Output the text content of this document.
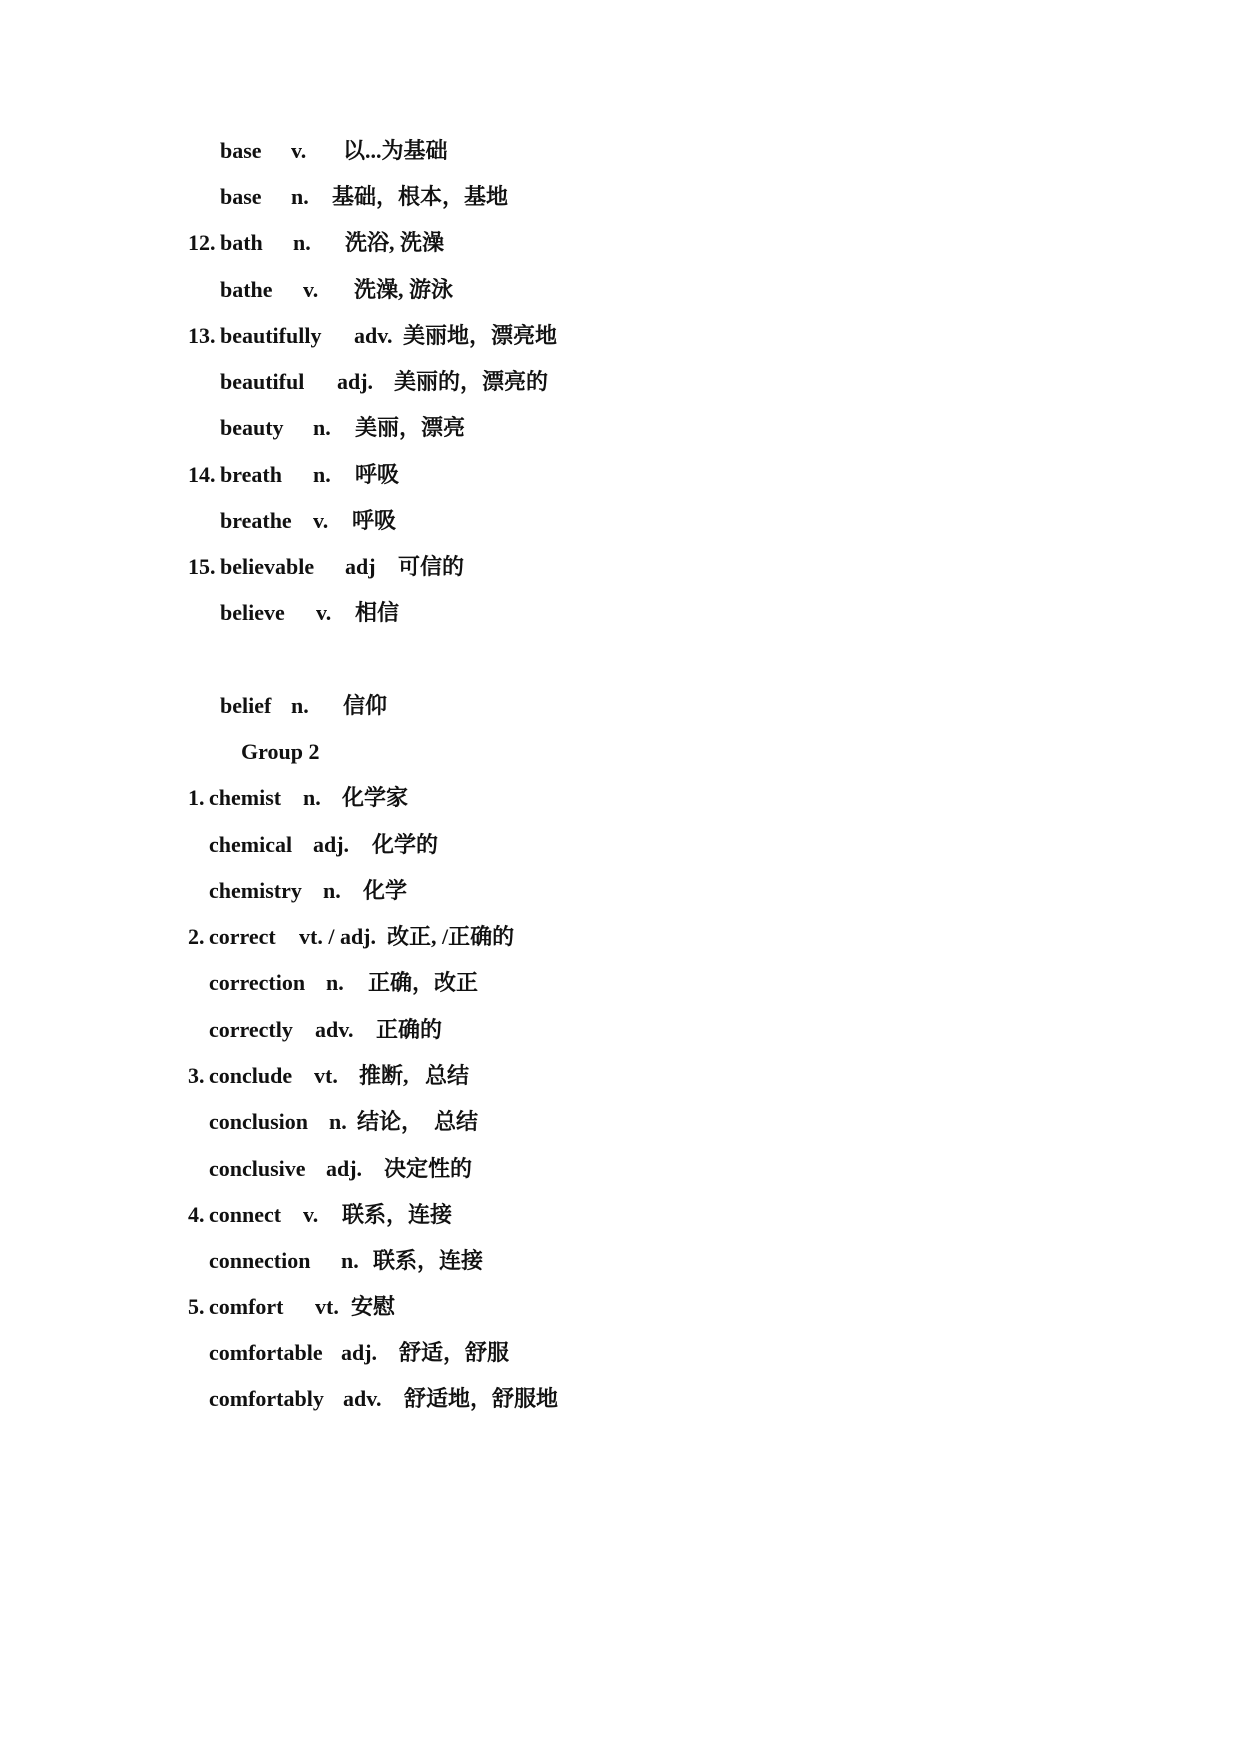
base

v.

以...为基础

base

n.

基础，根本，基地

12.

bath

n.

洗浴, 洗澡

bathe

v.

洗澡, 游泳

13.

beautifully

adv.

美丽地，漂亮地

beautiful

adj.

美丽的，漂亮的

beauty

n.

美丽，漂亮

14.

breath

n.

呼吸

breathe

v.

呼吸

15.

believable

adj

可信的

believe

v.

相信

belief

n.

信仰

Group 2

1.

chemist

n.

化学家

chemical

adj.

化学的

chemistry

n.

化学

2.

correct

vt. / adj.

改正, /正确的

correction

n.

正确，改正

correctly

adv.

正确的

3.

conclude

vt.

推断,   总结

conclusion

n.

结论，  总结

conclusive

adj.

决定性的

4.

connect

v.

联系，连接

connection

n.

联系，连接

5.

comfort

vt.

安慰

comfortable

adj.

舒适，舒服

comfortably

adv.

舒适地，舒服地
